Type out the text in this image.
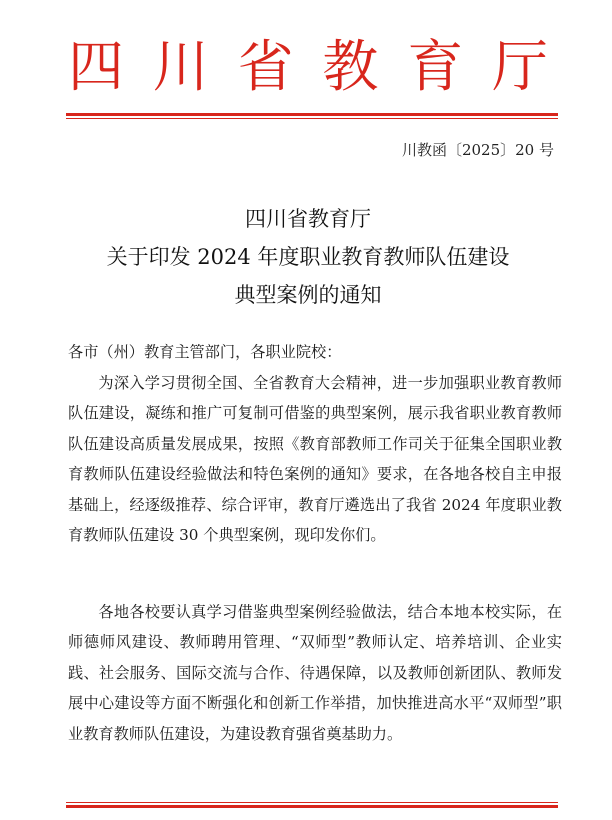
四 川 省 教 育 厅
川教函〔2025〕20 号
四川省教育厅
关于印发 2024 年度职业教育教师队伍建设
典型案例的通知
各市（州）教育主管部门，各职业院校：

为深入学习贯彻全国、全省教育大会精神，进一步加强职业教育教师队伍建设，凝练和推广可复制可借鉴的典型案例，展示我省职业教育教师队伍建设高质量发展成果，按照《教育部教师工作司关于征集全国职业教育教师队伍建设经验做法和特色案例的通知》要求，在各地各校自主申报基础上，经逐级推荐、综合评审，教育厅遴选出了我省 2024 年度职业教育教师队伍建设 30 个典型案例，现印发你们。

各地各校要认真学习借鉴典型案例经验做法，结合本地本校实际，在师德师风建设、教师聘用管理、“双师型”教师认定、培养培训、企业实践、社会服务、国际交流与合作、待遇保障，以及教师创新团队、教师发展中心建设等方面不断强化和创新工作举措，加快推进高水平“双师型”职业教育教师队伍建设，为建设教育强省奠基助力。
